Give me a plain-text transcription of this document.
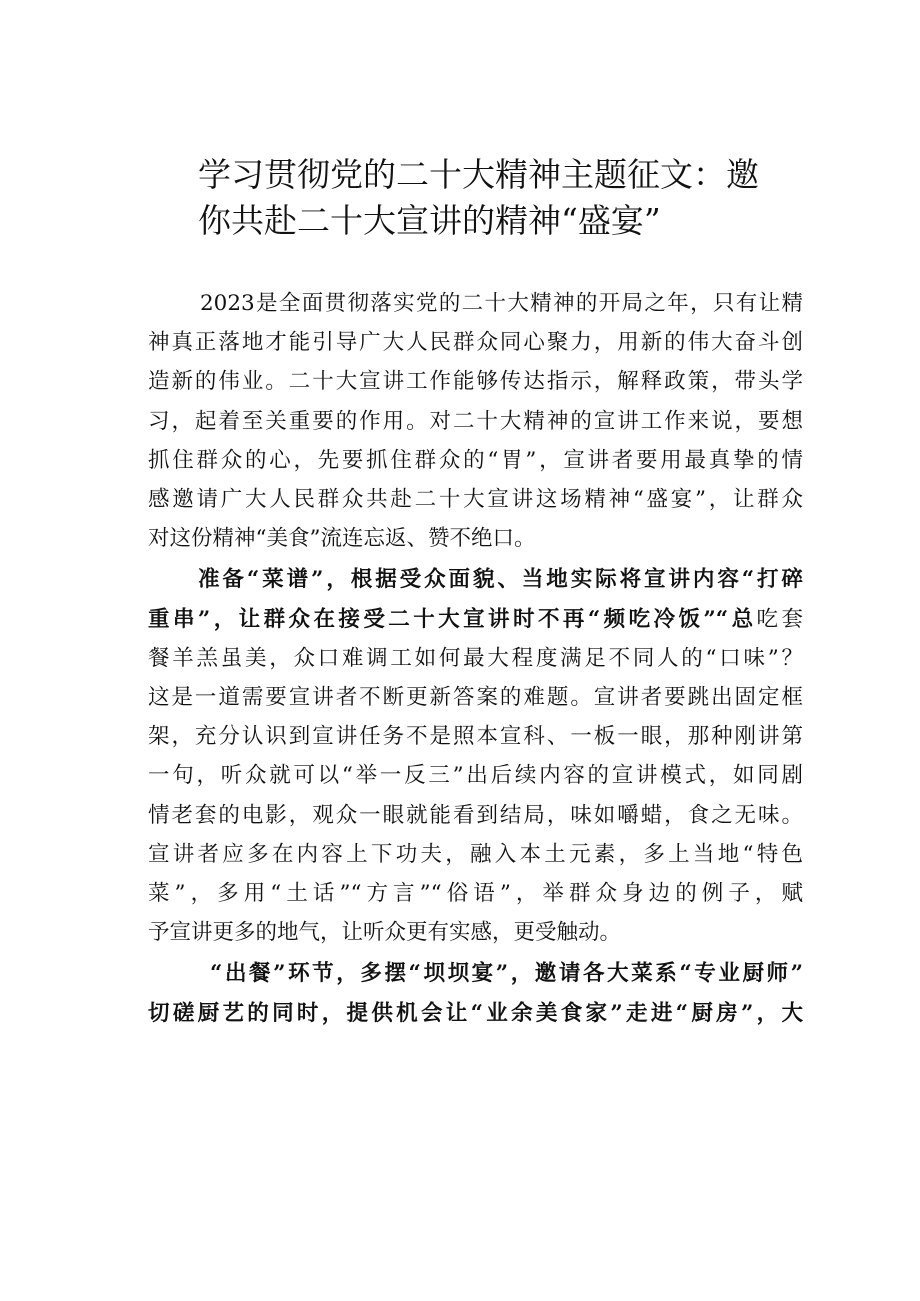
学习贯彻党的二十大精神主题征文：邀
你共赴二十大宣讲的精神“盛宴”
2023是全面贯彻落实党的二十大精神的开局之年，只有让精
神真正落地才能引导广大人民群众同心聚力，用新的伟大奋斗创
造新的伟业。二十大宣讲工作能够传达指示，解释政策，带头学
习，起着至关重要的作用。对二十大精神的宣讲工作来说，要想
抓住群众的心，先要抓住群众的“胃”，宣讲者要用最真挚的情
感邀请广大人民群众共赴二十大宣讲这场精神“盛宴”，让群众
对这份精神“美食”流连忘返、赞不绝口。
准备“菜谱”，根据受众面貌、当地实际将宣讲内容“打碎
重串”，让群众在接受二十大宣讲时不再“频吃冷饭”“总吃套
餐羊羔虽美，众口难调工如何最大程度满足不同人的“口味”？
这是一道需要宣讲者不断更新答案的难题。宣讲者要跳出固定框
架，充分认识到宣讲任务不是照本宣科、一板一眼，那种刚讲第
一句，听众就可以“举一反三”出后续内容的宣讲模式，如同剧
情老套的电影，观众一眼就能看到结局，味如嚼蜡，食之无味。
宣讲者应多在内容上下功夫，融入本土元素，多上当地“特色
菜”，多用“土话”“方言”“俗语”，举群众身边的例子，赋
予宣讲更多的地气，让听众更有实感，更受触动。
“出餐”环节，多摆“坝坝宴”，邀请各大菜系“专业厨师”
切磋厨艺的同时，提供机会让“业余美食家”走进“厨房”，大
